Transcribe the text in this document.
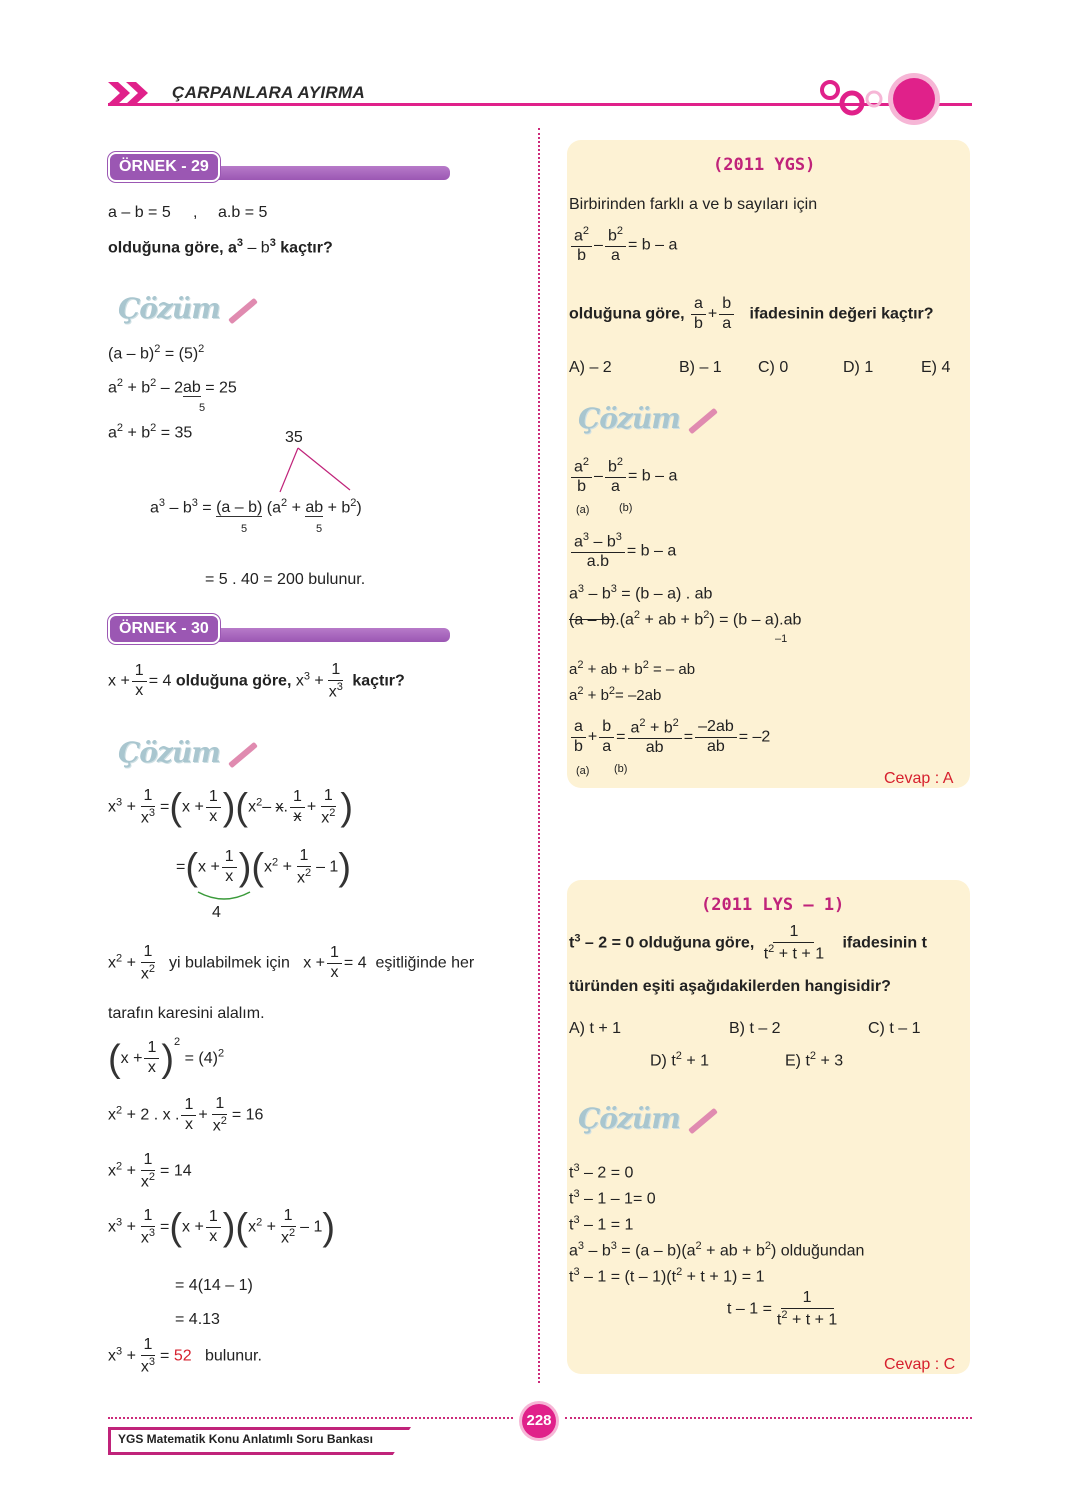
ÇARPANLARA AYIRMA
ÖRNEK - 29
a – b = 5 , a.b = 5
olduğuna göre, $a^3 - b^3$ kaçtır?
Çözüm
$(a - b)^2 = (5)^2$
$a^2 + b^2 - 2ab = 25$
5
$a^2 + b^2 = 35$	35
$a^3 - b^3 = (a - b) (a^2$ + ab + $b^2$)
5	5
= 5 . 40 = 200 bulunur.
ÖRNEK - 30
$x + \frac{1}{x} = 4$ olduğuna göre, $x^3 + \frac{1}{x^3}$ kaçtır?
Çözüm
$x^3 + \frac{1}{x^3} =(x + \frac{1}{x} )(x^2-$ x. $\frac{1}{x} + \frac{1}{x^2}$ )
$=(x + \frac{1}{x} )(x^2 + \frac{1}{x^2} - 1)$
4
$x^2 + \frac{1}{x^2}$ yi bulabilmek için   $x + \frac{1}{x} = 4$  eşitliğinde her
tarafın karesini alalım.
$(x + \frac{1}{x} )^2 = (4)^2$
$x^2 + 2$ . x . $\frac{1}{x} + \frac{1}{x^2} = 16$
$x^2 + \frac{1}{x^2} = 14$
$x^3 + \frac{1}{x^3} =(x + \frac{1}{x} )(x^2 + \frac{1}{x^2} - 1)$
= 4(14 – 1)
= 4.13
$x^3 + \frac{1}{x^3} = 52$ bulunur.
(2011 YGS)
Birbirinden farklı a ve b sayıları için
$\frac{a^2}{b} - \frac{b^2}{a} = b - a$
olduğuna göre, $\frac{a}{b} + \frac{b}{a}$ ifadesinin değeri kaçtır?
A) – 2	B) – 1 C) 0	D) 1	E) 4
Çözüm
$\frac{a^2}{b} - \frac{b^2}{a} = b - a$
(a)	(b)
$\frac{a^3 - b^3}{a.b} = b - a$
$a^3 - b^3 = (b - a)$ . ab
$(a - b).(a^2$ + ab + $b^2) = (b - a).ab$
–1
$a^2$ + ab + $b^2$ = – ab
$a^2 + b^2= -2ab$
$\frac{a}{b} + \frac{b}{a} = \frac{a^2 + b^2}{ab} = \frac{-2ab}{ab} = -2$
(a) (b)
Cevap : A
(2011 LYS – 1)
$t^3 - 2 = 0$ olduğuna göre, $\frac{1}{t^2 + t + 1}$ ifadesinin t
türünden eşiti aşağıdakilerden hangisidir?
A) t + 1	B) t – 2	C) t – 1
D) $t^2 + 1$	E) $t^2 + 3$
Çözüm
$t^3 - 2 = 0$
$t^3 - 1 - 1= 0$
$t^3 - 1 = 1$
$a^3 - b^3 = (a - b)(a^2$ + ab + $b^2$) olduğundan
$t^3 - 1 = (t - 1)(t^2 + t + 1) = 1$
$t - 1 = \frac{1}{t^2 + t + 1}$
Cevap : C
228
YGS Matematik Konu Anlatımlı Soru Bankası
